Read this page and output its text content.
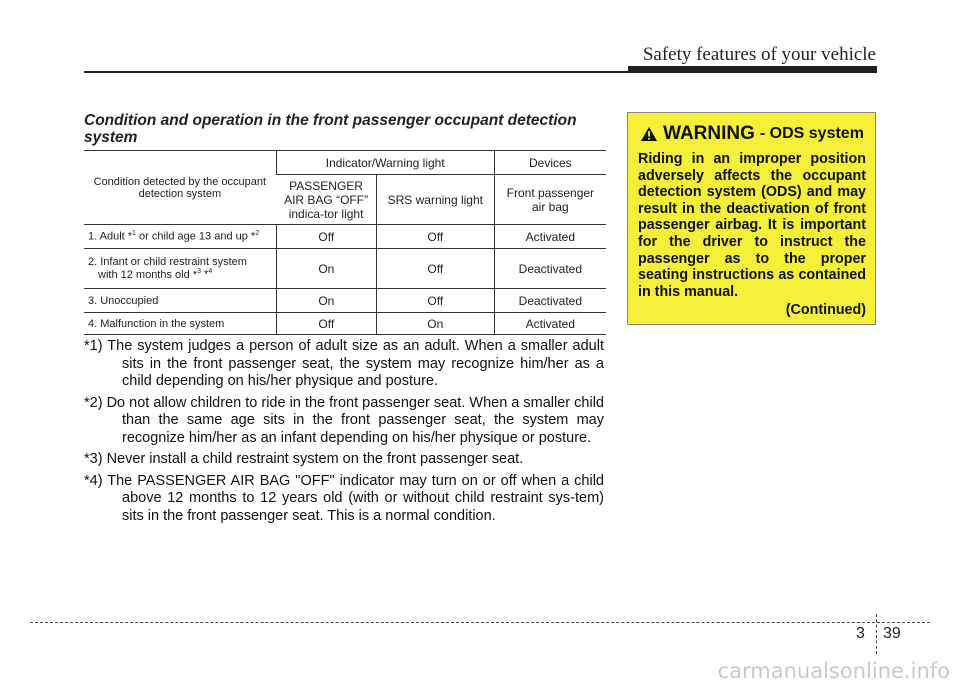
Safety features of your vehicle
Condition and operation in the front passenger occupant detection system
Condition detected by the occupant detection system	Indicator/Warning light		Devices
	PASSENGER AIR BAG “OFF” indica-tor light	SRS warning light	Front passenger air bag
1. Adult *$^1$ or child age 13 and up *$^2$	Off	Off	Activated
2. Infant or child restraint system
with 12 months old *$^3$ *$^4$	On	Off	Deactivated
3. Unoccupied	On	Off	Deactivated
4. Malfunction in the system	Off	On	Activated
*1) The system judges a person of adult size as an adult. When a smaller adult sits in the front passenger seat, the system may recognize him/her as a child depending on his/her physique and posture.
*2) Do not allow children to ride in the front passenger seat. When a smaller child than the same age sits in the front passenger seat, the system may recognize him/her as an infant depending on his/her physique or posture.
*3) Never install a child restraint system on the front passenger seat.
*4) The PASSENGER AIR BAG "OFF" indicator may turn on or off when a child above 12 months to 12 years old (with or without child restraint sys-tem) sits in the front passenger seat. This is a normal condition.
WARNING - ODS system
Riding in an improper position adversely affects the occupant detection system (ODS) and may result in the deactivation of front passenger airbag. It is important for the driver to instruct the passenger as to the proper seating instructions as contained in this manual.
(Continued)
3 39
carmanualsonline.info
